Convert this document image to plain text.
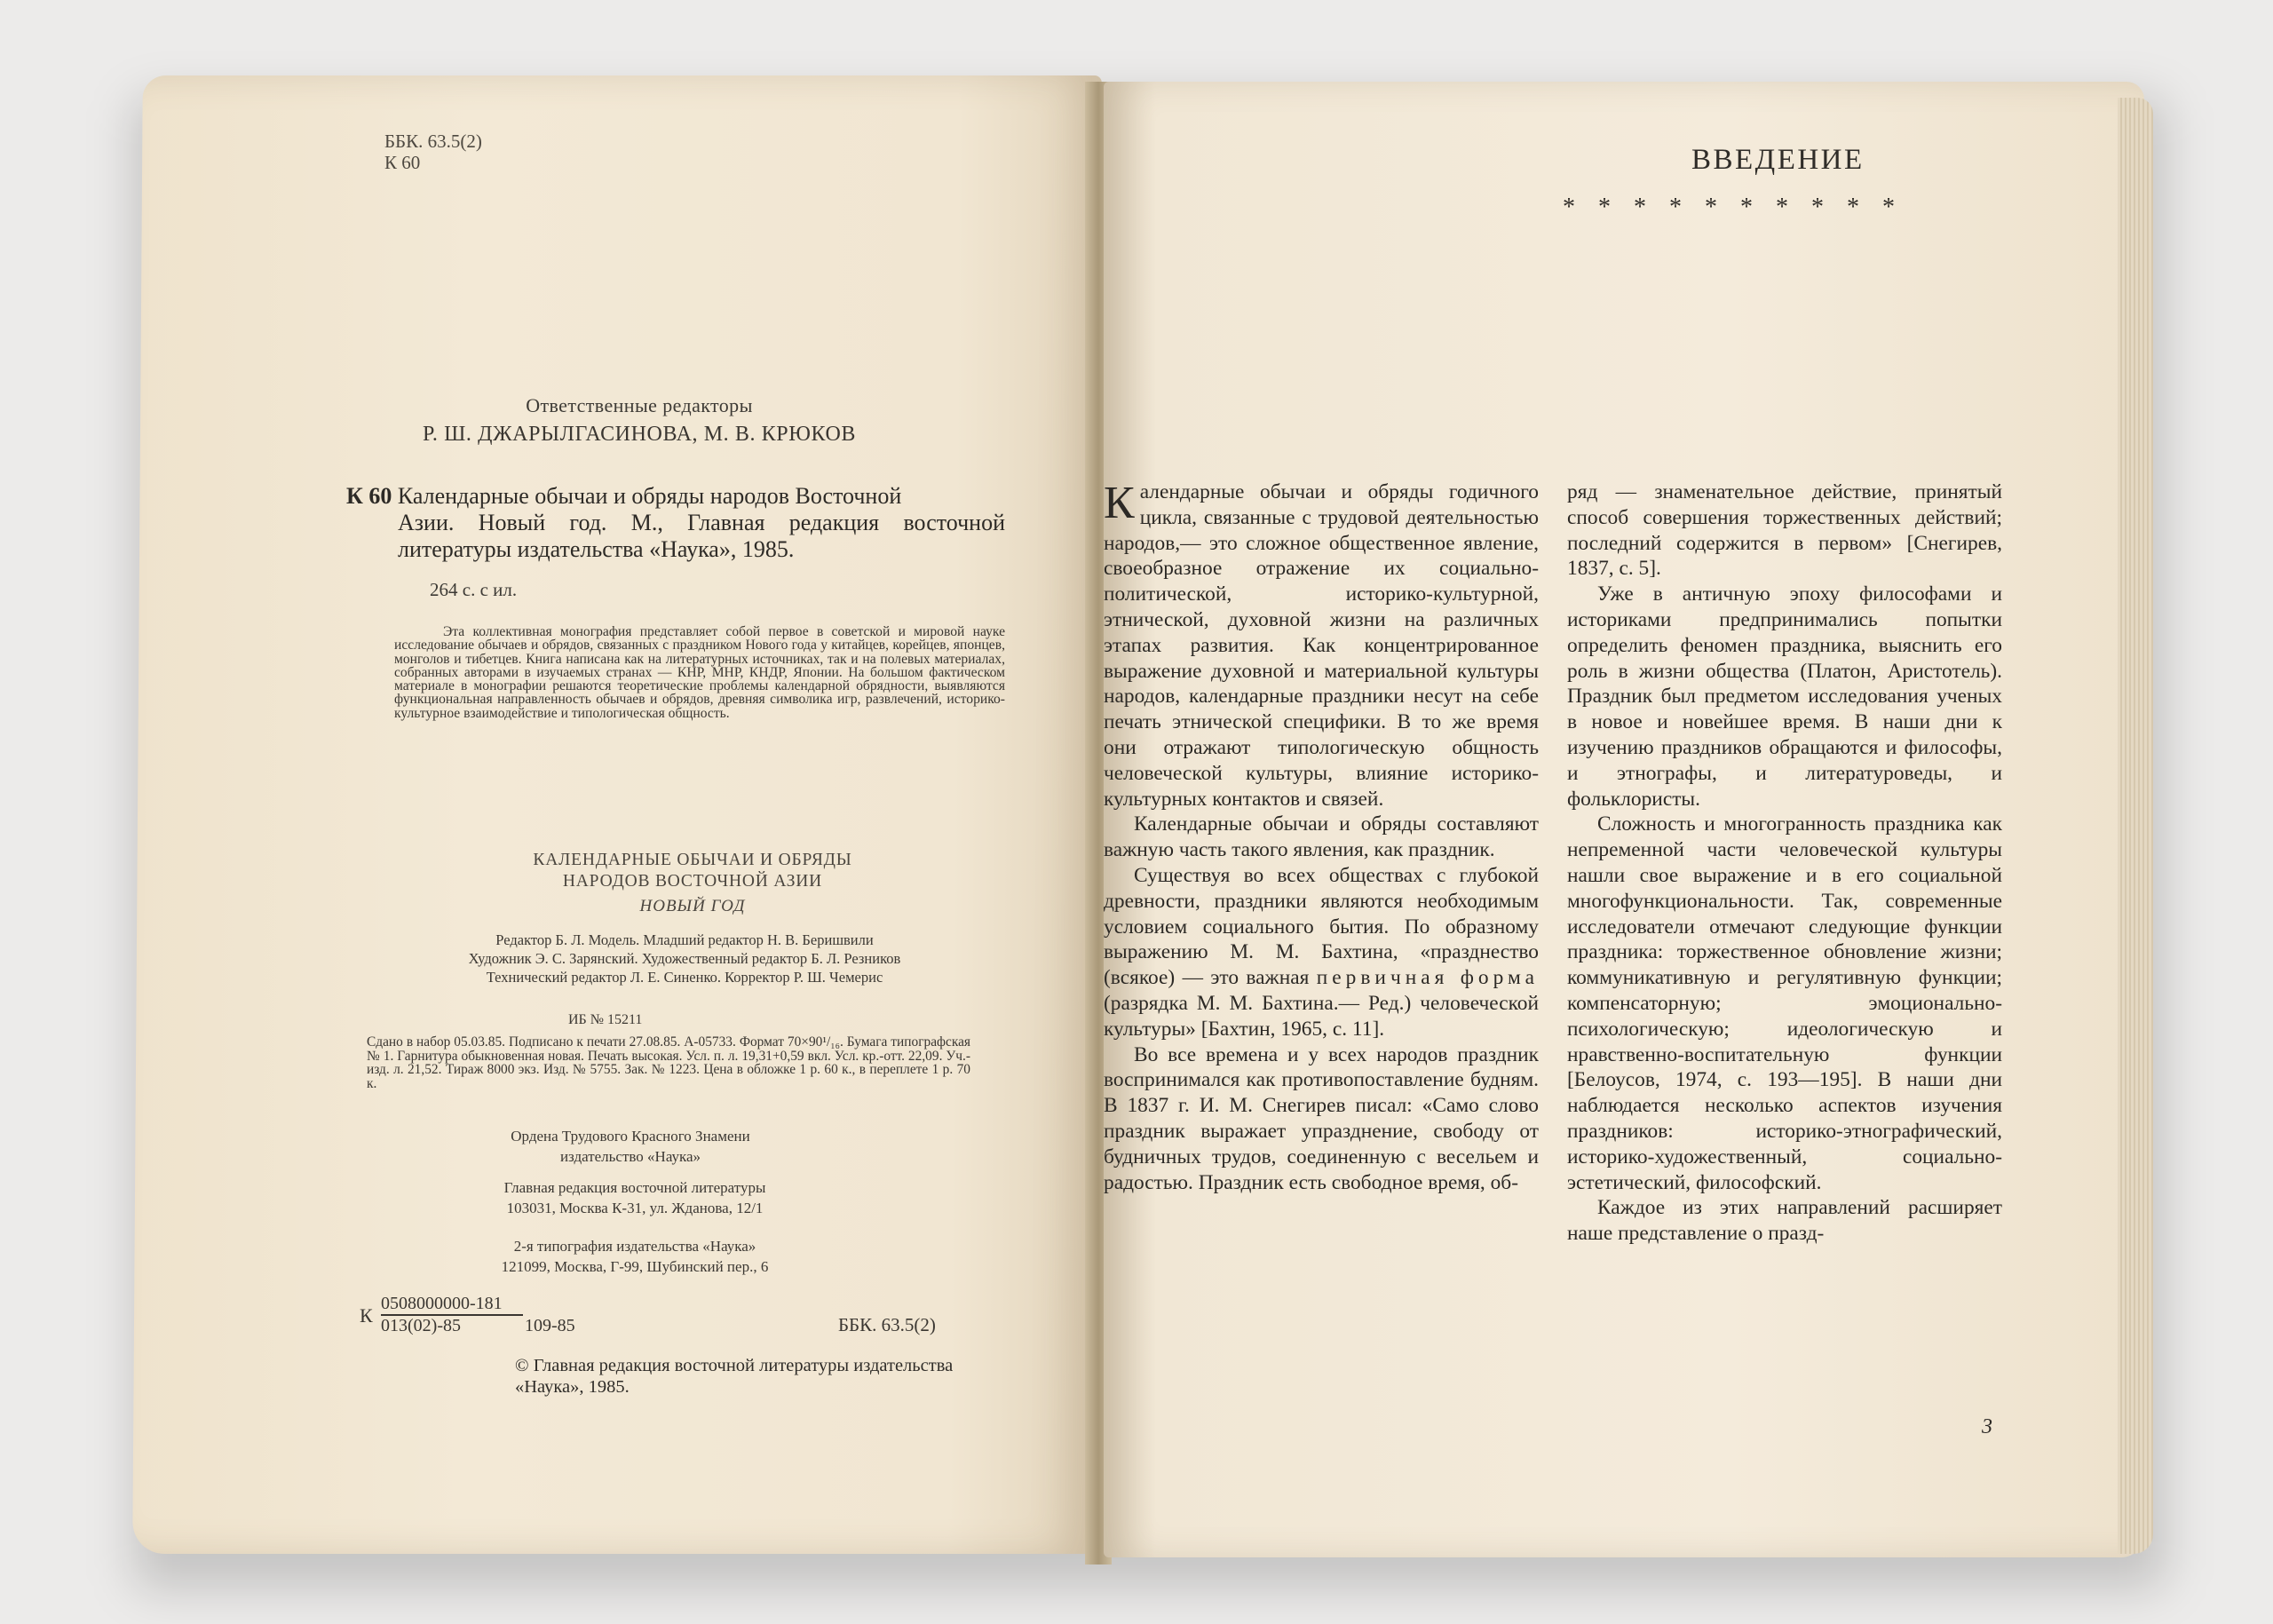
ББК. 63.5(2)
К 60
Ответственные редакторы
Р. Ш. ДЖАРЫЛГАСИНОВА, М. В. КРЮКОВ
К 60 Календарные обычаи и обряды народов Восточной
Азии. Новый год. М., Главная редакция восточной литературы издательства «Наука», 1985.
264 с. с ил.

Эта коллективная монография представляет собой первое в советской и мировой науке исследование обычаев и обрядов, связанных с праздником Нового года у китайцев, корейцев, японцев, монголов и тибетцев. Книга написана как на литературных источниках, так и на полевых материалах, собранных авторами в изучаемых странах — КНР, МНР, КНДР, Японии. На большом фактическом материале в монографии решаются теоретические проблемы календарной обрядности, выявляются функциональная направленность обычаев и обрядов, древняя символика игр, развлечений, историко-культурное взаимодействие и типологическая общность.

КАЛЕНДАРНЫЕ ОБЫЧАИ И ОБРЯДЫ
НАРОДОВ ВОСТОЧНОЙ АЗИИ
НОВЫЙ ГОД
Редактор Б. Л. Модель. Младший редактор Н. В. Беришвили
Художник Э. С. Зарянский. Художественный редактор Б. Л. Резников
Технический редактор Л. Е. Синенко. Корректор Р. Ш. Чемерис
ИБ № 15211

Сдано в набор 05.03.85. Подписано к печати 27.08.85. А-05733. Формат 70×90¹/₁₆. Бумага типографская № 1. Гарнитура обыкновенная новая. Печать высокая. Усл. п. л. 19,31+0,59 вкл. Усл. кр.-отт. 22,09. Уч.-изд. л. 21,52. Тираж 8000 экз. Изд. № 5755. Зак. № 1223. Цена в обложке 1 р. 60 к., в переплете 1 р. 70 к.

Ордена Трудового Красного Знамени
издательство «Наука»
Главная редакция восточной литературы
103031, Москва К-31, ул. Жданова, 12/1
2-я типография издательства «Наука»
121099, Москва, Г-99, Шубинский пер., 6
К
0508000000-181
013(02)-85	109-85	ББК. 63.5(2)
© Главная редакция восточной литературы издательства «Наука», 1985.
ВВЕДЕНИЕ
**********

Календарные обычаи и обряды годичного цикла, связанные с трудовой деятельностью народов,— это сложное общественное явление, своеобразное отражение их социально-политической, историко-культурной, этнической, духовной жизни на различных этапах развития. Как концентрированное выражение духовной и материальной культуры народов, календарные праздники несут на себе печать этнической специфики. В то же время они отражают типологическую общность человеческой культуры, влияние историко-культурных контактов и связей.

Календарные обычаи и обряды составляют важную часть такого явления, как праздник.

Существуя во всех обществах с глубокой древности, праздники являются необходимым условием социального бытия. По образному выражению М. М. Бахтина, «празднество (всякое) — это важная первичная форма (разрядка М. М. Бахтина.— Ред.) человеческой культуры» [Бахтин, 1965, с. 11].

Во все времена и у всех народов праздник воспринимался как противопоставление будням. В 1837 г. И. М. Снегирев писал: «Само слово праздник выражает упразднение, свободу от будничных трудов, соединенную с весельем и радостью. Праздник есть свободное время, об-

ряд — знаменательное действие, принятый способ совершения торжественных действий; последний содержится в первом» [Снегирев, 1837, с. 5].

Уже в античную эпоху философами и историками предпринимались попытки определить феномен праздника, выяснить его роль в жизни общества (Платон, Аристотель). Праздник был предметом исследования ученых в новое и новейшее время. В наши дни к изучению праздников обращаются и философы, и этнографы, и литературоведы, и фольклористы.

Сложность и многогранность праздника как непременной части человеческой культуры нашли свое выражение и в его социальной многофункциональности. Так, современные исследователи отмечают следующие функции праздника: торжественное обновление жизни; коммуникативную и регулятивную функции; компенсаторную; эмоционально-психологическую; идеологическую и нравственно-воспитательную функции [Белоусов, 1974, с. 193—195]. В наши дни наблюдается несколько аспектов изучения праздников: историко-этнографический, историко-художественный, социально-эстетический, философский.

Каждое из этих направлений расширяет наше представление о празд-

3
